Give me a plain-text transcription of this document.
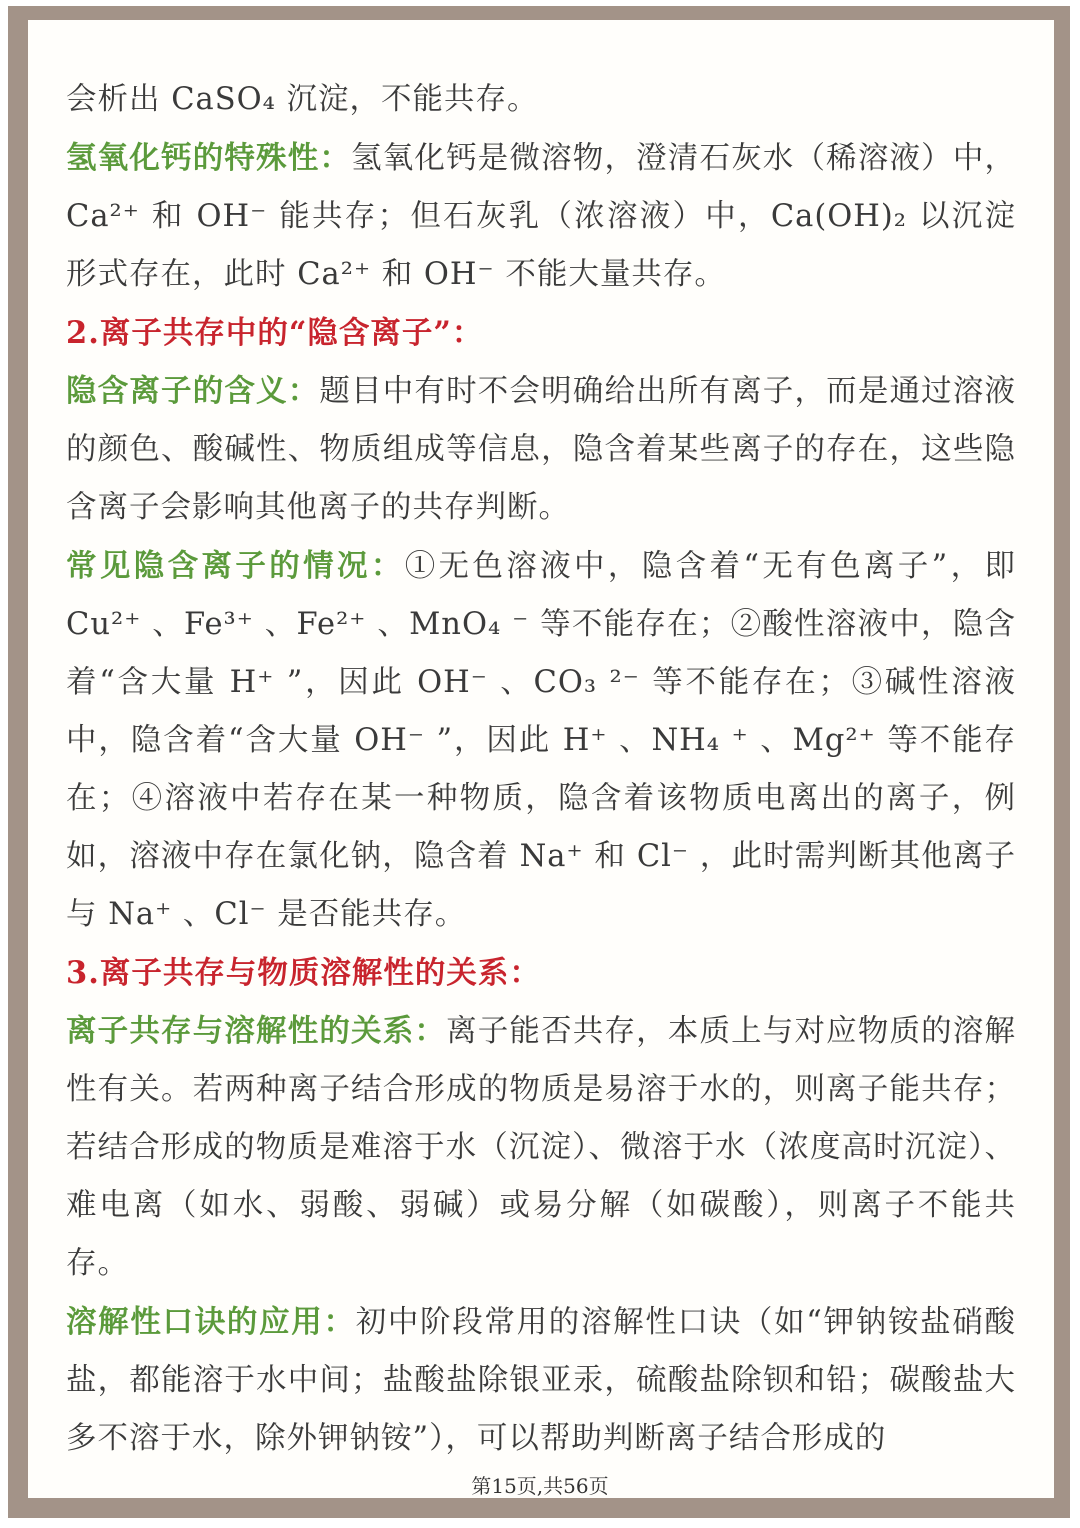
会析出 CaSO₄ 沉淀，不能共存。

氢氧化钙的特殊性：氢氧化钙是微溶物，澄清石灰水（稀溶液）中，Ca²⁺ 和 OH⁻ 能共存；但石灰乳（浓溶液）中，Ca(OH)₂ 以沉淀形式存在，此时 Ca²⁺ 和 OH⁻ 不能大量共存。

2.离子共存中的“隐含离子”：

隐含离子的含义：题目中有时不会明确给出所有离子，而是通过溶液的颜色、酸碱性、物质组成等信息，隐含着某些离子的存在，这些隐含离子会影响其他离子的共存判断。

常见隐含离子的情况：①无色溶液中，隐含着“无有色离子”，即 Cu²⁺ 、Fe³⁺ 、Fe²⁺ 、MnO₄ ⁻ 等不能存在；②酸性溶液中，隐含着“含大量 H⁺ ”，因此 OH⁻ 、CO₃ ²⁻ 等不能存在；③碱性溶液中，隐含着“含大量 OH⁻ ”，因此 H⁺ 、NH₄ ⁺ 、Mg²⁺ 等不能存在；④溶液中若存在某一种物质，隐含着该物质电离出的离子，例如，溶液中存在氯化钠，隐含着 Na⁺ 和 Cl⁻ ，此时需判断其他离子与 Na⁺ 、Cl⁻ 是否能共存。

3.离子共存与物质溶解性的关系：

离子共存与溶解性的关系：离子能否共存，本质上与对应物质的溶解性有关。若两种离子结合形成的物质是易溶于水的，则离子能共存；若结合形成的物质是难溶于水（沉淀）、微溶于水（浓度高时沉淀）、难电离（如水、弱酸、弱碱）或易分解（如碳酸），则离子不能共存。

溶解性口诀的应用：初中阶段常用的溶解性口诀（如“钾钠铵盐硝酸盐，都能溶于水中间；盐酸盐除银亚汞，硫酸盐除钡和铅；碳酸盐大多不溶于水，除外钾钠铵”），可以帮助判断离子结合形成的

第15页,共56页
